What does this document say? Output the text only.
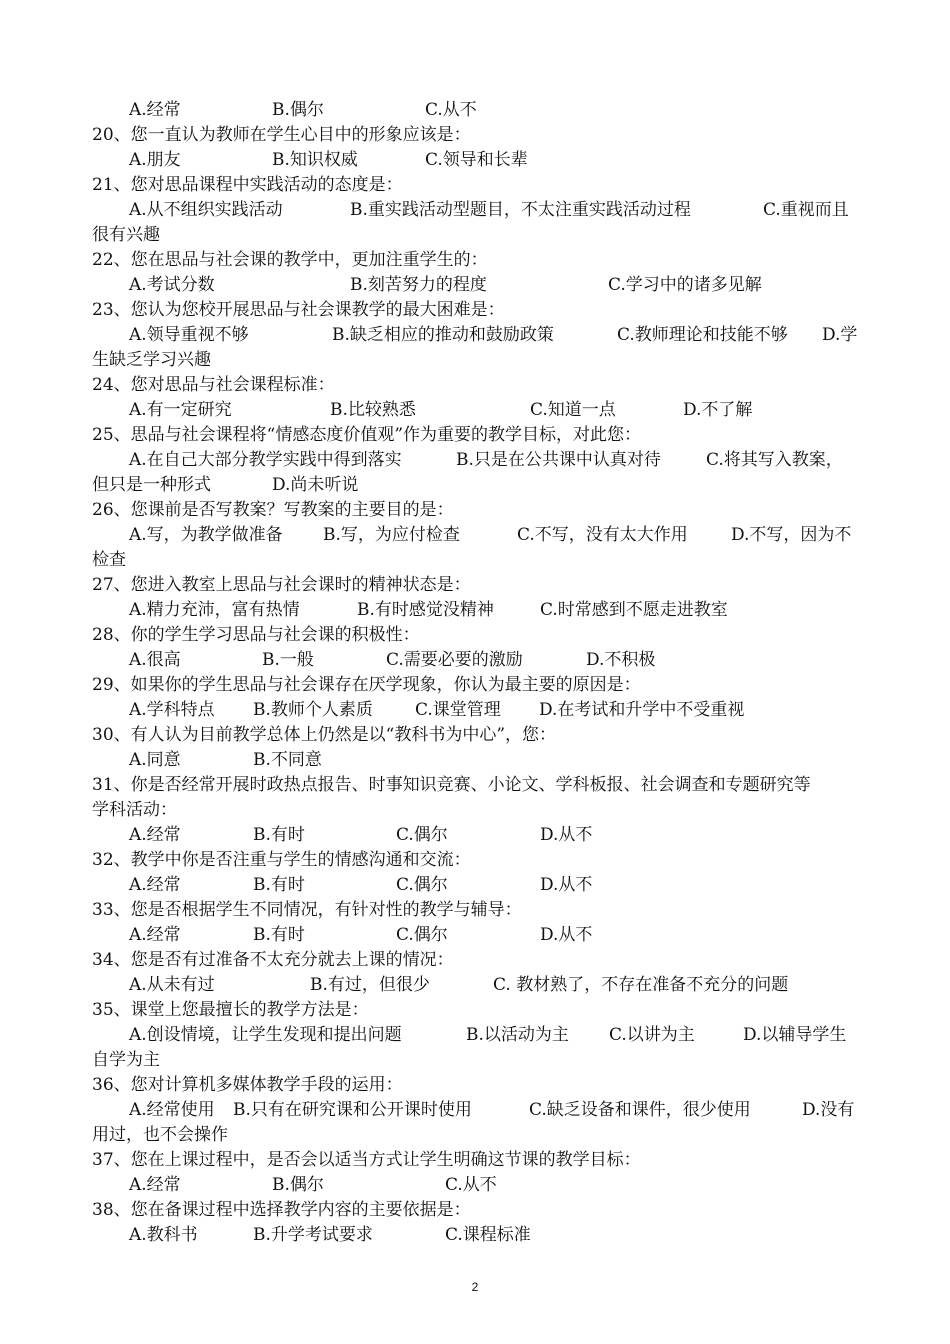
A.经常	B.偶尔	C.从不
20、您一直认为教师在学生心目中的形象应该是：
A.朋友	B.知识权威	C.领导和长辈
21、您对思品课程中实践活动的态度是：
A.从不组织实践活动	B.重实践活动型题目，不太注重实践活动过程	C.重视而且
很有兴趣
22、您在思品与社会课的教学中，更加注重学生的：
A.考试分数	B.刻苦努力的程度	C.学习中的诸多见解
23、您认为您校开展思品与社会课教学的最大困难是：
A.领导重视不够	B.缺乏相应的推动和鼓励政策	C.教师理论和技能不够 D.学
生缺乏学习兴趣
24、您对思品与社会课程标准：
A.有一定研究	B.比较熟悉	C.知道一点	D.不了解
25、思品与社会课程将“情感态度价值观”作为重要的教学目标，对此您：
A.在自己大部分教学实践中得到落实	B.只是在公共课中认真对待	C.将其写入教案，
但只是一种形式	D.尚未听说
26、您课前是否写教案？写教案的主要目的是：
A.写，为教学做准备 B.写，为应付检查	C.不写，没有太大作用	D.不写，因为不
检查
27、您进入教室上思品与社会课时的精神状态是：
A.精力充沛，富有热情	B.有时感觉没精神	C.时常感到不愿走进教室
28、你的学生学习思品与社会课的积极性：
A.很高	B.一般	C.需要必要的激励	D.不积极
29、如果你的学生思品与社会课存在厌学现象，你认为最主要的原因是：
A.学科特点 B.教师个人素质 C.课堂管理 D.在考试和升学中不受重视
30、有人认为目前教学总体上仍然是以“教科书为中心”，您：
A.同意	B.不同意
31、你是否经常开展时政热点报告、时事知识竞赛、小论文、学科板报、社会调查和专题研究等
学科活动：
A.经常	B.有时	C.偶尔	D.从不
32、教学中你是否注重与学生的情感沟通和交流：
A.经常	B.有时	C.偶尔	D.从不
33、您是否根据学生不同情况，有针对性的教学与辅导：
A.经常	B.有时	C.偶尔	D.从不
34、您是否有过准备不太充分就去上课的情况：
A.从未有过	B.有过，但很少	C. 教材熟了，不存在准备不充分的问题
35、课堂上您最擅长的教学方法是：
A.创设情境，让学生发现和提出问题	B.以活动为主 C.以讲为主	D.以辅导学生
自学为主
36、您对计算机多媒体教学手段的运用：
A.经常使用 B.只有在研究课和公开课时使用	C.缺乏设备和课件，很少使用	D.没有
用过，也不会操作
37、您在上课过程中，是否会以适当方式让学生明确这节课的教学目标：
A.经常	B.偶尔	C.从不
38、您在备课过程中选择教学内容的主要依据是：
A.教科书	B.升学考试要求	C.课程标准
2
